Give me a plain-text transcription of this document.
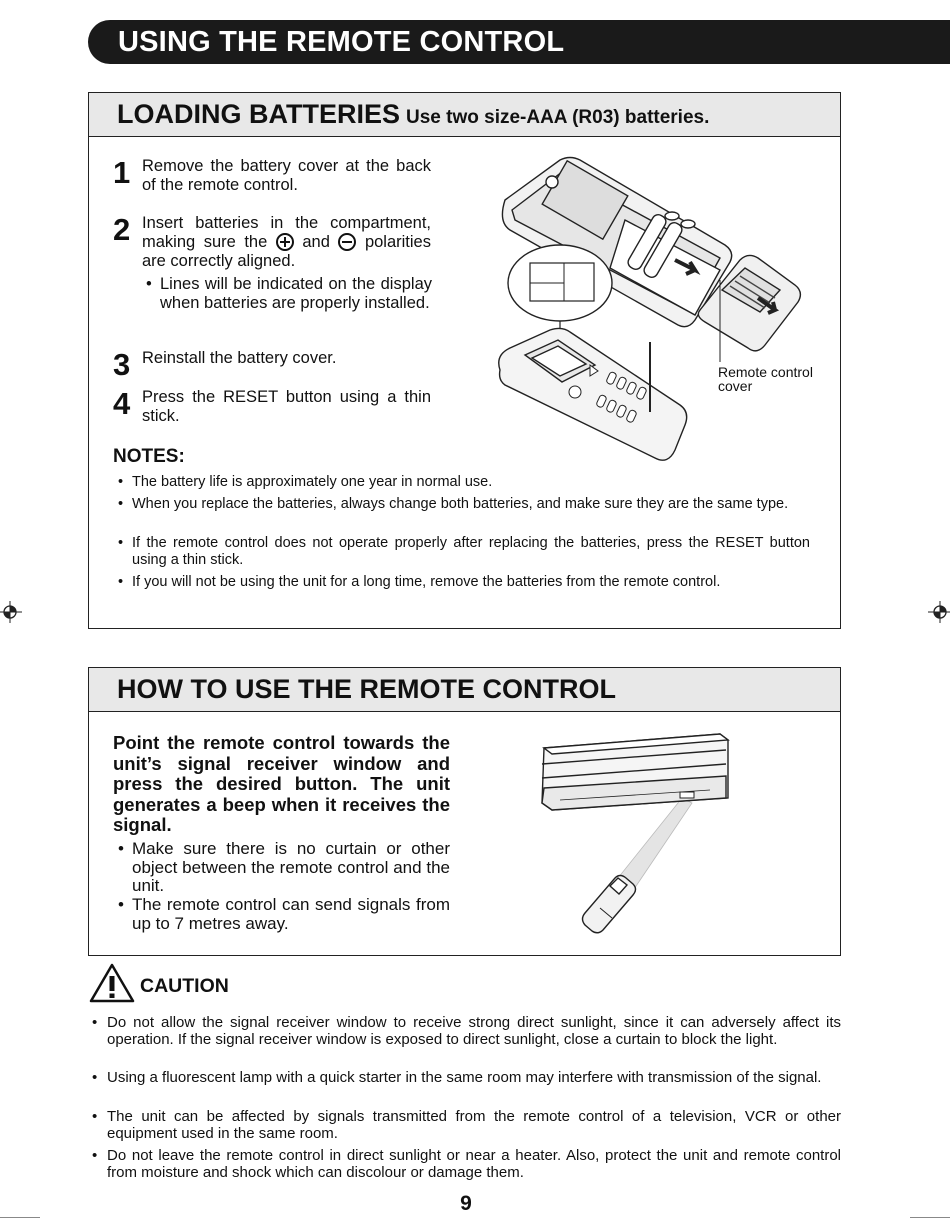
USING THE REMOTE CONTROL
LOADING BATTERIES Use two size-AAA (R03) batteries.
1 Remove the battery cover at the back of the remote control.
2 Insert batteries in the compartment, making sure the and polarities are correctly aligned.
• Lines will be indicated on the display when batteries are properly installed.
3 Reinstall the battery cover.
4 Press the RESET button using a thin stick.
Remote control cover
NOTES:
• The battery life is approximately one year in normal use.
• When you replace the batteries, always change both batteries, and make sure they are the same type.
• If the remote control does not operate properly after replacing the batteries, press the RESET button using a thin stick.
• If you will not be using the unit for a long time, remove the batteries from the remote control.
HOW TO USE THE REMOTE CONTROL
Point the remote control towards the unit’s signal receiver window and press the desired button. The unit generates a beep when it receives the signal.
• Make sure there is no curtain or other object between the remote control and the unit.
• The remote control can send signals from up to 7 metres away.
CAUTION
• Do not allow the signal receiver window to receive strong direct sunlight, since it can adversely affect its operation. If the signal receiver window is exposed to direct sunlight, close a curtain to block the light.
• Using a fluorescent lamp with a quick starter in the same room may interfere with transmission of the signal.
• The unit can be affected by signals transmitted from the remote control of a television, VCR or other equipment used in the same room.
• Do not leave the remote control in direct sunlight or near a heater. Also, protect the unit and remote control from moisture and shock which can discolour or damage them.
9
